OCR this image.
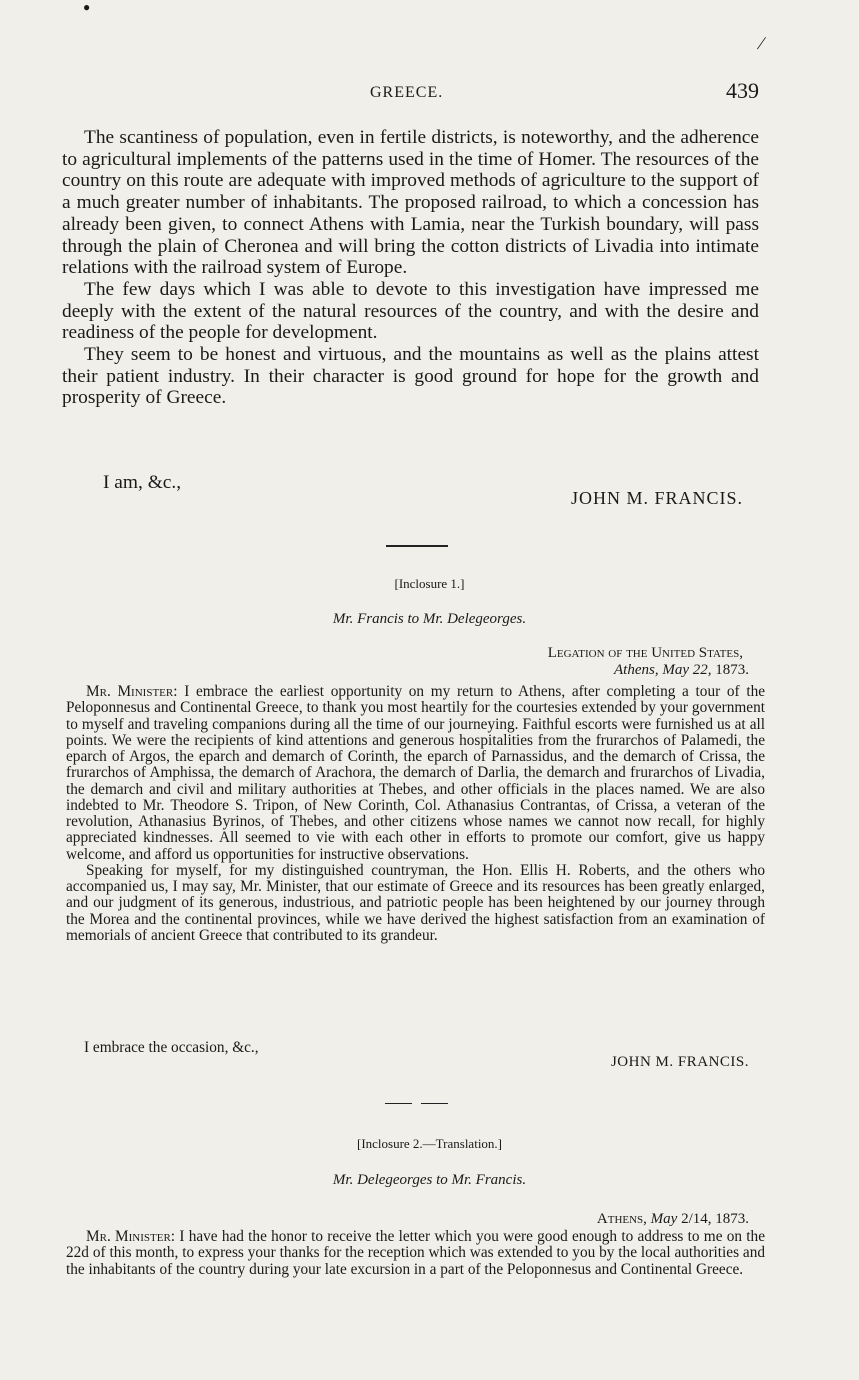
●
|
GREECE.	439

The scantiness of population, even in fertile districts, is noteworthy, and the adherence to agricultural implements of the patterns used in the time of Homer. The resources of the country on this route are adequate with improved methods of agriculture to the support of a much greater number of inhabitants. The proposed railroad, to which a concession has already been given, to connect Athens with Lamia, near the Turkish boundary, will pass through the plain of Cheronea and will bring the cotton districts of Livadia into intimate relations with the railroad system of Europe.

The few days which I was able to devote to this investigation have impressed me deeply with the extent of the natural resources of the country, and with the desire and readiness of the people for development.

They seem to be honest and virtuous, and the mountains as well as the plains attest their patient industry. In their character is good ground for hope for the growth and prosperity of Greece.

I am, &c.,
JOHN M. FRANCIS.
[Inclosure 1.]
Mr. Francis to Mr. Delegeorges.
Legation of the United States,
Athens, May 22, 1873.

Mr. Minister: I embrace the earliest opportunity on my return to Athens, after completing a tour of the Peloponnesus and Continental Greece, to thank you most heartily for the courtesies extended by your government to myself and traveling companions during all the time of our journeying. Faithful escorts were furnished us at all points. We were the recipients of kind attentions and generous hospitalities from the frurarchos of Palamedi, the eparch of Argos, the eparch and demarch of Corinth, the eparch of Parnassidus, and the demarch of Crissa, the frurarchos of Amphissa, the demarch of Arachora, the demarch of Darlia, the demarch and frurarchos of Livadia, the demarch and civil and military authorities at Thebes, and other officials in the places named. We are also indebted to Mr. Theodore S. Tripon, of New Corinth, Col. Athanasius Contrantas, of Crissa, a veteran of the revolution, Athanasius Byrinos, of Thebes, and other citizens whose names we cannot now recall, for highly appreciated kindnesses. All seemed to vie with each other in efforts to promote our comfort, give us happy welcome, and afford us opportunities for instructive observations.

Speaking for myself, for my distinguished countryman, the Hon. Ellis H. Roberts, and the others who accompanied us, I may say, Mr. Minister, that our estimate of Greece and its resources has been greatly enlarged, and our judgment of its generous, industrious, and patriotic people has been heightened by our journey through the Morea and the continental provinces, while we have derived the highest satisfaction from an examination of memorials of ancient Greece that contributed to its grandeur.

I embrace the occasion, &c.,
JOHN M. FRANCIS.
[Inclosure 2.—Translation.]
Mr. Delegeorges to Mr. Francis.
Athens, May 2/14, 1873.

Mr. Minister: I have had the honor to receive the letter which you were good enough to address to me on the 22d of this month, to express your thanks for the reception which was extended to you by the local authorities and the inhabitants of the country during your late excursion in a part of the Peloponnesus and Continental Greece.
